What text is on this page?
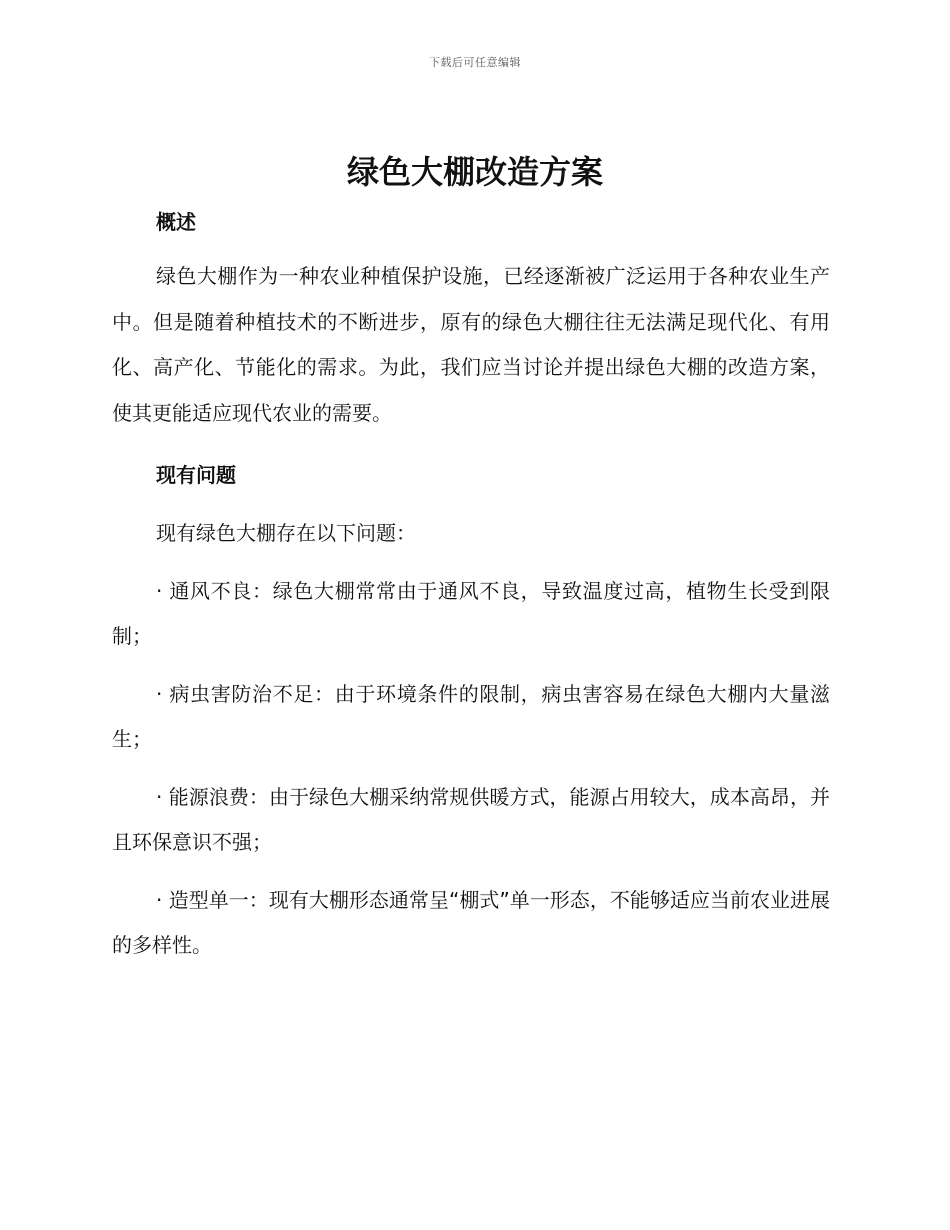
下载后可任意编辑
绿色大棚改造方案
概述

绿色大棚作为一种农业种植保护设施，已经逐渐被广泛运用于各种农业生产中。但是随着种植技术的不断进步，原有的绿色大棚往往无法满足现代化、有用化、高产化、节能化的需求。为此，我们应当讨论并提出绿色大棚的改造方案，使其更能适应现代农业的需要。

现有问题

现有绿色大棚存在以下问题：

· 通风不良：绿色大棚常常由于通风不良，导致温度过高，植物生长受到限制；

· 病虫害防治不足：由于环境条件的限制，病虫害容易在绿色大棚内大量滋生；

· 能源浪费：由于绿色大棚采纳常规供暖方式，能源占用较大，成本高昂，并且环保意识不强；

· 造型单一：现有大棚形态通常呈“棚式”单一形态，不能够适应当前农业进展的多样性。
